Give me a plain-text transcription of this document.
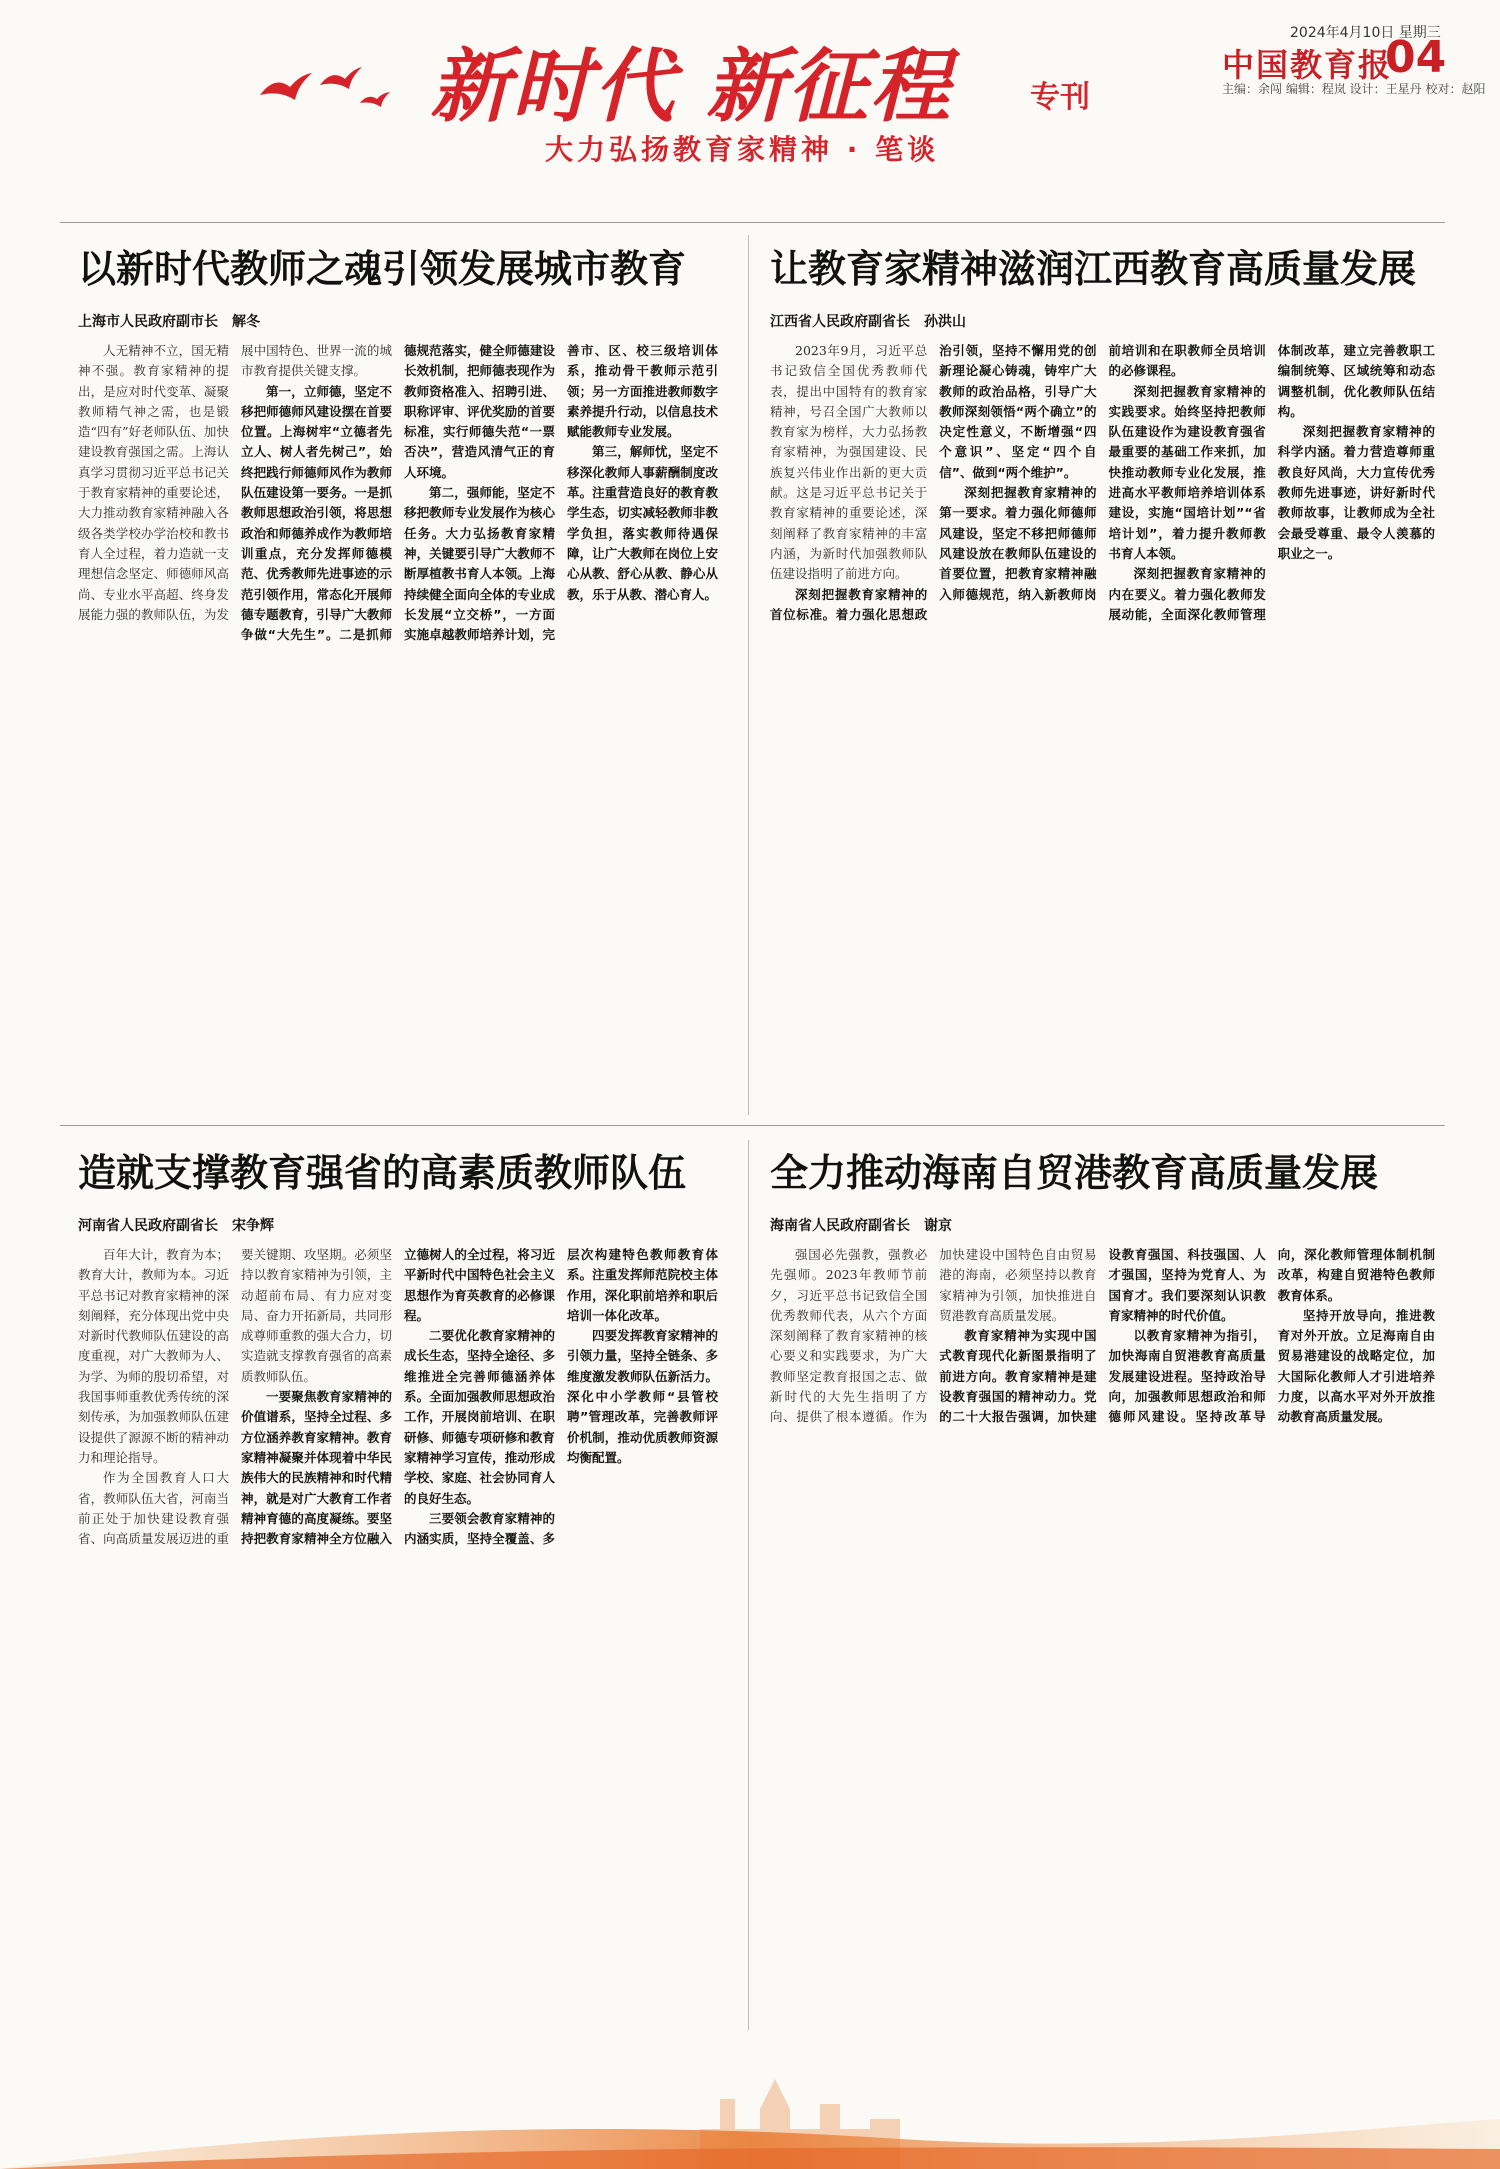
新时代 新征程	专刊
大力弘扬教育家精神 · 笔谈
2024年4月10日 星期三
中国教育报
04
主编：余闯 编辑：程岚 设计：王星丹 校对：赵阳
以新时代教师之魂引领发展城市教育
上海市人民政府副市长　解冬

人无精神不立，国无精神不强。教育家精神的提出，是应对时代变革、凝聚教师精气神之需，也是锻造“四有”好老师队伍、加快建设教育强国之需。上海认真学习贯彻习近平总书记关于教育家精神的重要论述，大力推动教育家精神融入各级各类学校办学治校和教书育人全过程，着力造就一支理想信念坚定、师德师风高尚、专业水平高超、终身发展能力强的教师队伍，为发展中国特色、世界一流的城市教育提供关键支撑。

第一，立师德，坚定不移把师德师风建设摆在首要位置。上海树牢“立德者先立人、树人者先树己”，始终把践行师德师风作为教师队伍建设第一要务。一是抓教师思想政治引领，将思想政治和师德养成作为教师培训重点，充分发挥师德模范、优秀教师先进事迹的示范引领作用，常态化开展师德专题教育，引导广大教师争做“大先生”。二是抓师德规范落实，健全师德建设长效机制，把师德表现作为教师资格准入、招聘引进、职称评审、评优奖励的首要标准，实行师德失范“一票否决”，营造风清气正的育人环境。

第二，强师能，坚定不移把教师专业发展作为核心任务。大力弘扬教育家精神，关键要引导广大教师不断厚植教书育人本领。上海持续健全面向全体的专业成长发展“立交桥”，一方面实施卓越教师培养计划，完善市、区、校三级培训体系，推动骨干教师示范引领；另一方面推进教师数字素养提升行动，以信息技术赋能教师专业发展。

第三，解师忧，坚定不移深化教师人事薪酬制度改革。注重营造良好的教育教学生态，切实减轻教师非教学负担，落实教师待遇保障，让广大教师在岗位上安心从教、舒心从教、静心从教，乐于从教、潜心育人。

让教育家精神滋润江西教育高质量发展
江西省人民政府副省长　孙洪山

2023年9月，习近平总书记致信全国优秀教师代表，提出中国特有的教育家精神，号召全国广大教师以教育家为榜样，大力弘扬教育家精神，为强国建设、民族复兴伟业作出新的更大贡献。这是习近平总书记关于教育家精神的重要论述，深刻阐释了教育家精神的丰富内涵，为新时代加强教师队伍建设指明了前进方向。

深刻把握教育家精神的首位标准。着力强化思想政治引领，坚持不懈用党的创新理论凝心铸魂，铸牢广大教师的政治品格，引导广大教师深刻领悟“两个确立”的决定性意义，不断增强“四个意识”、坚定“四个自信”、做到“两个维护”。

深刻把握教育家精神的第一要求。着力强化师德师风建设，坚定不移把师德师风建设放在教师队伍建设的首要位置，把教育家精神融入师德规范，纳入新教师岗前培训和在职教师全员培训的必修课程。

深刻把握教育家精神的实践要求。始终坚持把教师队伍建设作为建设教育强省最重要的基础工作来抓，加快推动教师专业化发展，推进高水平教师培养培训体系建设，实施“国培计划”“省培计划”，着力提升教师教书育人本领。

深刻把握教育家精神的内在要义。着力强化教师发展动能，全面深化教师管理体制改革，建立完善教职工编制统筹、区域统筹和动态调整机制，优化教师队伍结构。

深刻把握教育家精神的科学内涵。着力营造尊师重教良好风尚，大力宣传优秀教师先进事迹，讲好新时代教师故事，让教师成为全社会最受尊重、最令人羡慕的职业之一。

造就支撑教育强省的高素质教师队伍
河南省人民政府副省长　宋争辉

百年大计，教育为本；教育大计，教师为本。习近平总书记对教育家精神的深刻阐释，充分体现出党中央对新时代教师队伍建设的高度重视，对广大教师为人、为学、为师的殷切希望，对我国事师重教优秀传统的深刻传承，为加强教师队伍建设提供了源源不断的精神动力和理论指导。

作为全国教育人口大省，教师队伍大省，河南当前正处于加快建设教育强省、向高质量发展迈进的重要关键期、攻坚期。必须坚持以教育家精神为引领，主动超前布局、有力应对变局、奋力开拓新局，共同形成尊师重教的强大合力，切实造就支撑教育强省的高素质教师队伍。

一要聚焦教育家精神的价值谱系，坚持全过程、多方位涵养教育家精神。教育家精神凝聚并体现着中华民族伟大的民族精神和时代精神，就是对广大教育工作者精神育德的高度凝练。要坚持把教育家精神全方位融入立德树人的全过程，将习近平新时代中国特色社会主义思想作为育英教育的必修课程。

二要优化教育家精神的成长生态，坚持全途径、多维推进全完善师德涵养体系。全面加强教师思想政治工作，开展岗前培训、在职研修、师德专项研修和教育家精神学习宣传，推动形成学校、家庭、社会协同育人的良好生态。

三要领会教育家精神的内涵实质，坚持全覆盖、多层次构建特色教师教育体系。注重发挥师范院校主体作用，深化职前培养和职后培训一体化改革。

四要发挥教育家精神的引领力量，坚持全链条、多维度激发教师队伍新活力。深化中小学教师“县管校聘”管理改革，完善教师评价机制，推动优质教师资源均衡配置。

全力推动海南自贸港教育高质量发展
海南省人民政府副省长　谢京

强国必先强教，强教必先强师。2023年教师节前夕，习近平总书记致信全国优秀教师代表，从六个方面深刻阐释了教育家精神的核心要义和实践要求，为广大教师坚定教育报国之志、做新时代的大先生指明了方向、提供了根本遵循。作为加快建设中国特色自由贸易港的海南，必须坚持以教育家精神为引领，加快推进自贸港教育高质量发展。

教育家精神为实现中国式教育现代化新图景指明了前进方向。教育家精神是建设教育强国的精神动力。党的二十大报告强调，加快建设教育强国、科技强国、人才强国，坚持为党育人、为国育才。我们要深刻认识教育家精神的时代价值。

以教育家精神为指引，加快海南自贸港教育高质量发展建设进程。坚持政治导向，加强教师思想政治和师德师风建设。坚持改革导向，深化教师管理体制机制改革，构建自贸港特色教师教育体系。

坚持开放导向，推进教育对外开放。立足海南自由贸易港建设的战略定位，加大国际化教师人才引进培养力度，以高水平对外开放推动教育高质量发展。
